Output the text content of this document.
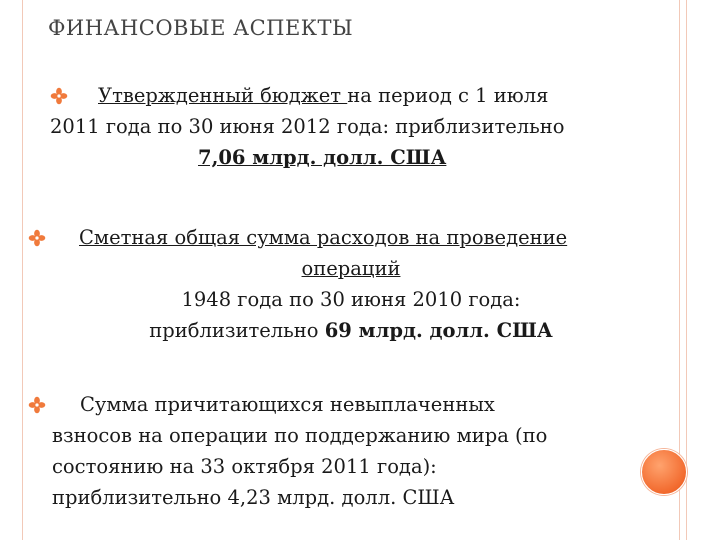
ФИНАНСОВЫЕ АСПЕКТЫ
Утвержденный бюджет на период с 1 июля
2011 года по 30 июня 2012 года: приблизительно
7,06 млрд. долл. США
Сметная общая сумма расходов на проведение
операций
1948 года по 30 июня 2010 года:
приблизительно 69 млрд. долл. США
Сумма причитающихся невыплаченных
взносов на операции по поддержанию мира (по
состоянию на 33 октября 2011 года):
приблизительно 4,23 млрд. долл. США
